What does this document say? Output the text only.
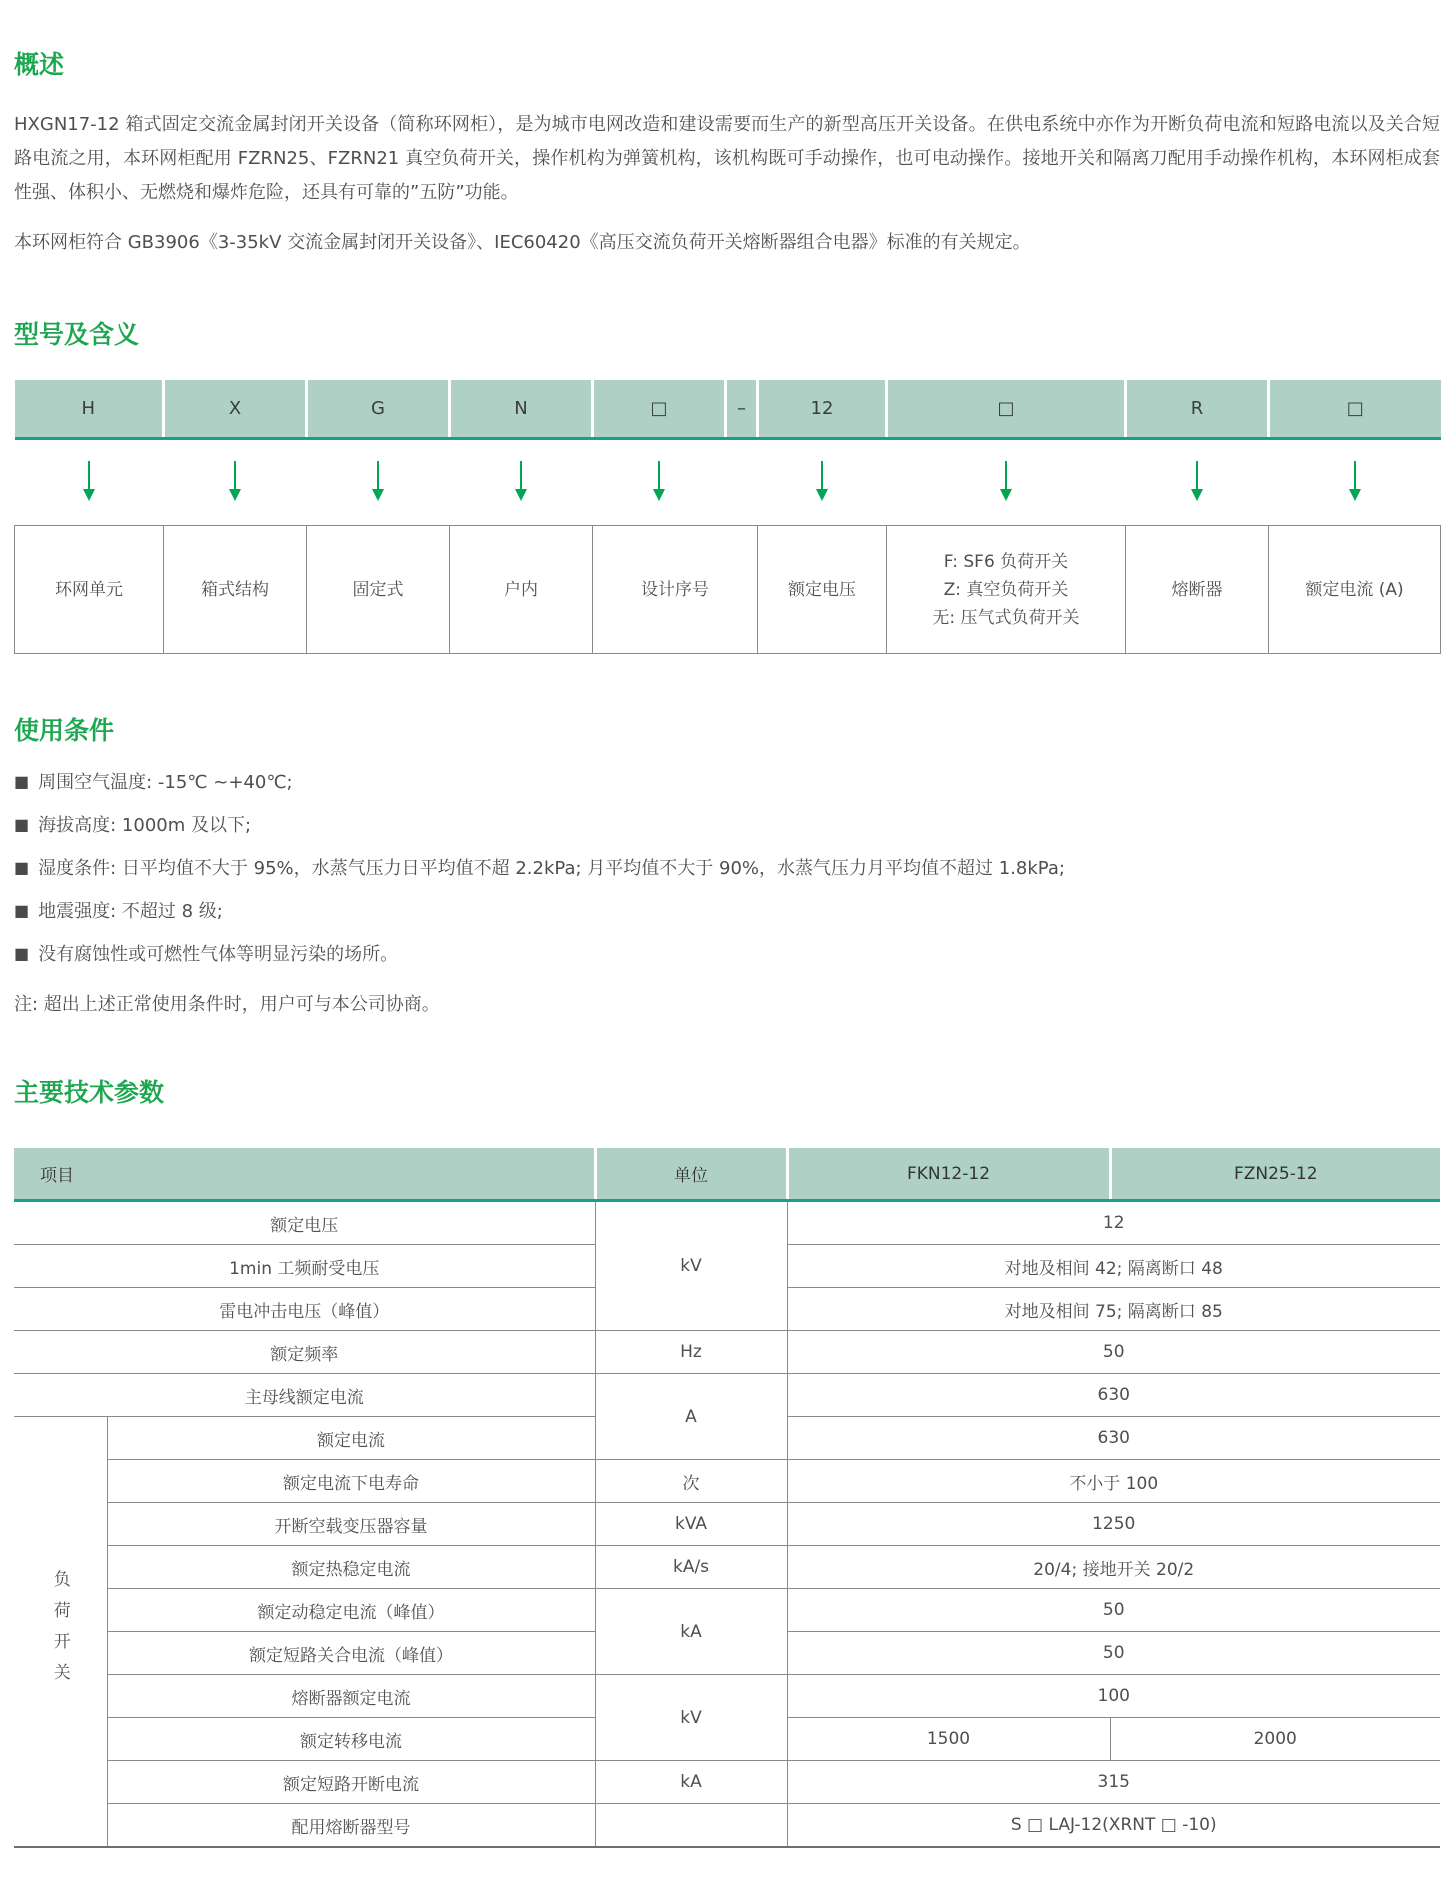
概述

HXGN17-12 箱式固定交流金属封闭开关设备（简称环网柜），是为城市电网改造和建设需要而生产的新型高压开关设备。在供电系统中亦作为开断负荷电流和短路电流以及关合短路电流之用，本环网柜配用 FZRN25、FZRN21 真空负荷开关，操作机构为弹簧机构，该机构既可手动操作，也可电动操作。接地开关和隔离刀配用手动操作机构，本环网柜成套性强、体积小、无燃烧和爆炸危险，还具有可靠的”五防”功能。

本环网柜符合 GB3906《3-35kV 交流金属封闭开关设备》、IEC60420《高压交流负荷开关熔断器组合电器》标准的有关规定。

型号及含义
H	X	G	N	□	–	12	□	R	□

环网单元	箱式结构	固定式	户内	设计序号		额定电压	F: SF6 负荷开关
Z: 真空负荷开关
无: 压气式负荷开关	熔断器	额定电流 (A)
使用条件
■ 周围空气温度: -15℃ ~+40℃;
■ 海拔高度: 1000m 及以下;
■ 湿度条件: 日平均值不大于 95%，水蒸气压力日平均值不超 2.2kPa; 月平均值不大于 90%，水蒸气压力月平均值不超过 1.8kPa;
■ 地震强度: 不超过 8 级;
■ 没有腐蚀性或可燃性气体等明显污染的场所。
注: 超出上述正常使用条件时，用户可与本公司协商。
主要技术参数
项目		单位	FKN12-12	FZN25-12
额定电压		kV	12	
1min 工频耐受电压			对地及相间 42; 隔离断口 48	
雷电冲击电压（峰值）			对地及相间 75; 隔离断口 85	
额定频率		Hz	50	
主母线额定电流		A	630	
负荷开关	额定电流		630	
	额定电流下电寿命	次	不小于 100	
	开断空载变压器容量	kVA	1250	
	额定热稳定电流	kA/s	20/4; 接地开关 20/2	
	额定动稳定电流（峰值）	kA	50	
	额定短路关合电流（峰值）		50	
	熔断器额定电流	kV	100	
	额定转移电流		1500	2000
	额定短路开断电流	kA	315	
	配用熔断器型号		S □ LAJ-12(XRNT □ -10)	
